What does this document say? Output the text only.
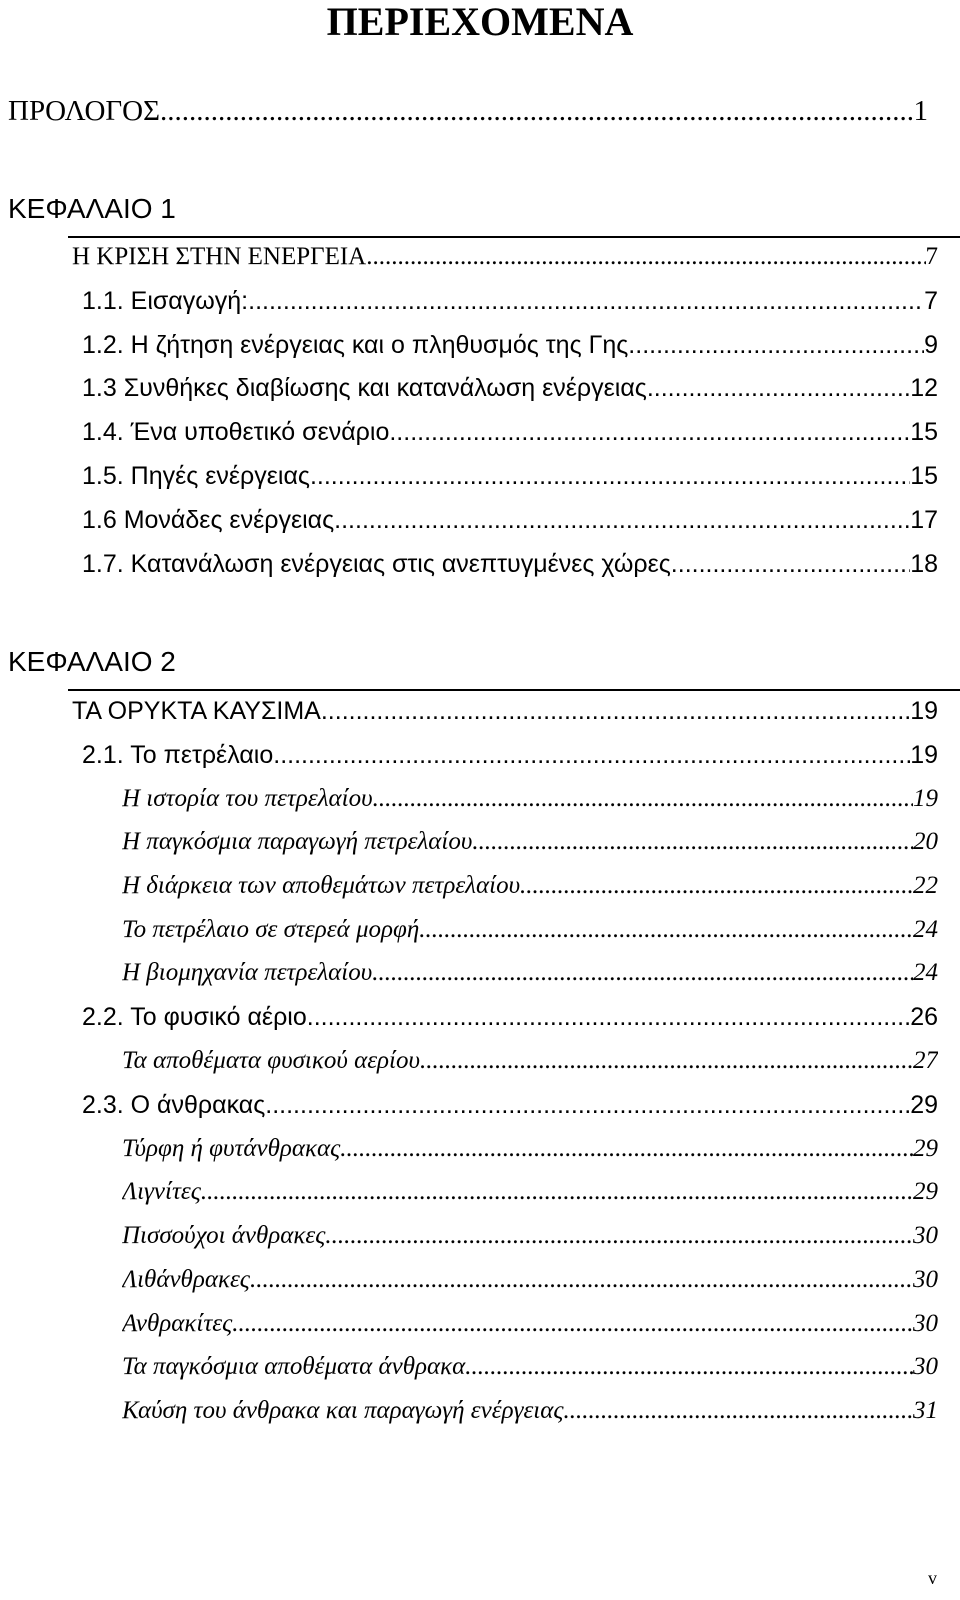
ΠΕΡΙΕΧΟΜΕΝΑ
ΠΡΟΛΟΓΟΣ .....	1
ΚΕΦΑΛΑΙΟ 1
Η ΚΡΙΣΗ ΣΤΗΝ ΕΝΕΡΓΕΙΑ .....	7
1.1. Εισαγωγή: .....	7
1.2. Η ζήτηση ενέργειας και ο πληθυσμός της Γης .....	9
1.3 Συνθήκες διαβίωσης και κατανάλωση ενέργειας .....	12
1.4. Ένα υποθετικό σενάριο .....	15
1.5. Πηγές ενέργειας .....	15
1.6 Μονάδες ενέργειας .....	17
1.7. Κατανάλωση ενέργειας στις ανεπτυγμένες χώρες .....	18
ΚΕΦΑΛΑΙΟ 2
ΤΑ ΟΡΥΚΤΑ ΚΑΥΣΙΜΑ .....	19
2.1. Το πετρέλαιο .....	19
Η ιστορία του πετρελαίου .....	19
Η παγκόσμια παραγωγή πετρελαίου .....	20
Η διάρκεια των αποθεμάτων πετρελαίου .....	22
Το πετρέλαιο σε στερεά μορφή .....	24
Η βιομηχανία πετρελαίου .....	24
2.2. Το φυσικό αέριο .....	26
Τα αποθέματα φυσικού αερίου .....	27
2.3. Ο άνθρακας .....	29
Τύρφη ή φυτάνθρακας .....	29
Λιγνίτες .....	29
Πισσούχοι άνθρακες .....	30
Λιθάνθρακες .....	30
Ανθρακίτες .....	30
Τα παγκόσμια αποθέματα άνθρακα .....	30
Καύση του άνθρακα και παραγωγή ενέργειας .....	31
v
